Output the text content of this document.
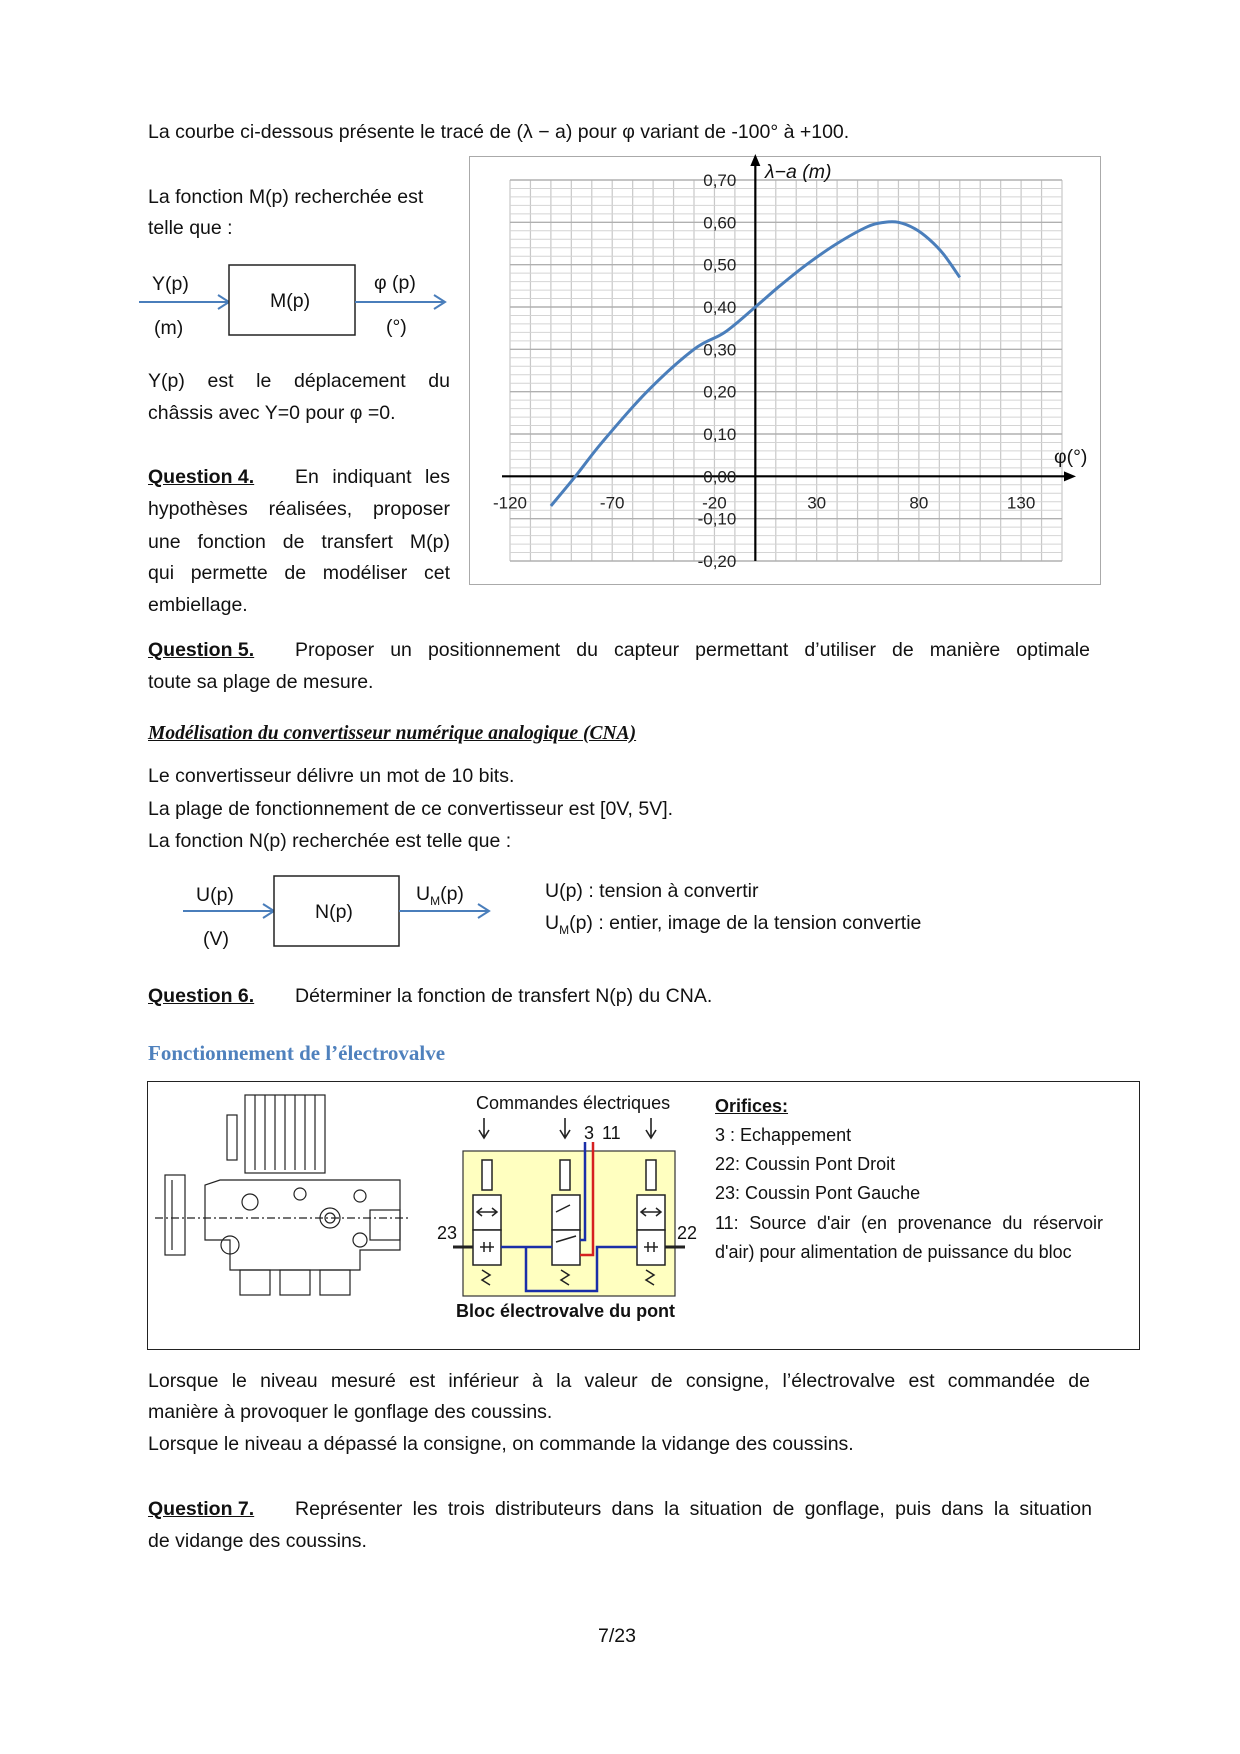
La courbe ci-dessous présente le tracé de (λ − a) pour φ variant de -100° à +100.
La fonction M(p) recherchée est
telle que :
M(p)
Y(p)
(m)
φ (p)
(°)
Y(p) est le déplacement du
châssis avec Y=0 pour φ =0.
Question 4. En indiquant les
hypothèses réalisées, proposer
une fonction de transfert M(p)
qui permette de modéliser cet
embiellage.
0,70
0,60
0,50
0,40
0,30
0,20
0,10
0,00
-0,10
-0,20
-120	-70	-20	30	80	130
λ−a (m)
φ(°)
Question 5. Proposer un positionnement du capteur permettant d’utiliser de manière optimale
toute sa plage de mesure.
Modélisation du convertisseur numérique analogique (CNA)
Le convertisseur délivre un mot de 10 bits.
La plage de fonctionnement de ce convertisseur est [0V, 5V].
La fonction N(p) recherchée est telle que :
N(p)
U(p)
(V)
$U_M(p)$	U(p) : tension à convertir
$U_M(p)$ : entier, image de la tension convertie
Question 6. Déterminer la fonction de transfert N(p) du CNA.
Fonctionnement de l’électrovalve
Commandes électriques
3 11
23	22
Bloc électrovalve du pont
Orifices:
3 : Echappement
22: Coussin Pont Droit
23: Coussin Pont Gauche
11: Source d'air (en provenance du réservoir
d'air) pour alimentation de puissance du bloc
Lorsque le niveau mesuré est inférieur à la valeur de consigne, l’électrovalve est commandée de
manière à provoquer le gonflage des coussins.
Lorsque le niveau a dépassé la consigne, on commande la vidange des coussins.
Question 7. Représenter les trois distributeurs dans la situation de gonflage, puis dans la situation
de vidange des coussins.
7/23
